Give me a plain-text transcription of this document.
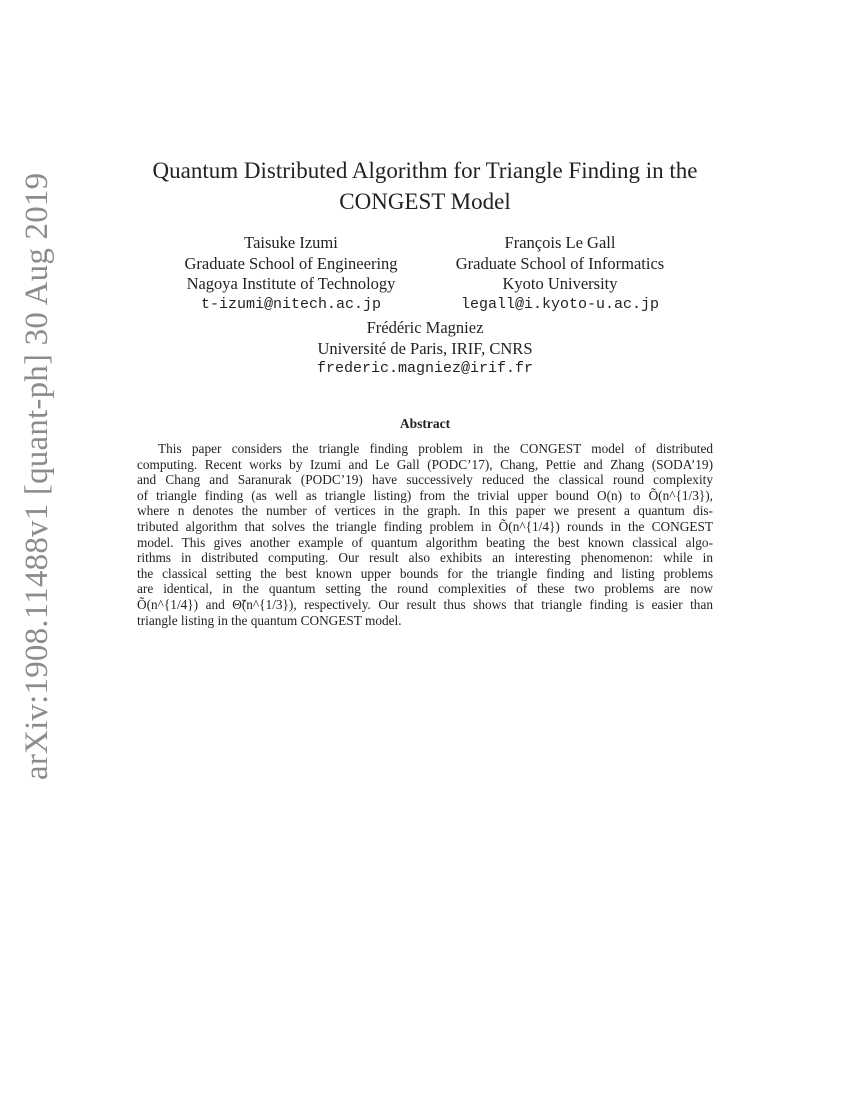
arXiv:1908.11488v1 [quant-ph] 30 Aug 2019
Quantum Distributed Algorithm for Triangle Finding in the
CONGEST Model
Taisuke Izumi
Graduate School of Engineering
Nagoya Institute of Technology
t-izumi@nitech.ac.jp
François Le Gall
Graduate School of Informatics
Kyoto University
legall@i.kyoto-u.ac.jp
Frédéric Magniez
Université de Paris, IRIF, CNRS
frederic.magniez@irif.fr
Abstract
This paper considers the triangle finding problem in the CONGEST model of distributed
computing. Recent works by Izumi and Le Gall (PODC’17), Chang, Pettie and Zhang (SODA’19)
and Chang and Saranurak (PODC’19) have successively reduced the classical round complexity
of triangle finding (as well as triangle listing) from the trivial upper bound O(n) to Õ(n^{1/3}),
where n denotes the number of vertices in the graph. In this paper we present a quantum dis-
tributed algorithm that solves the triangle finding problem in Õ(n^{1/4}) rounds in the CONGEST
model. This gives another example of quantum algorithm beating the best known classical algo-
rithms in distributed computing. Our result also exhibits an interesting phenomenon: while in
the classical setting the best known upper bounds for the triangle finding and listing problems
are identical, in the quantum setting the round complexities of these two problems are now
Õ(n^{1/4}) and Θ̃(n^{1/3}), respectively. Our result thus shows that triangle finding is easier than
triangle listing in the quantum CONGEST model.
